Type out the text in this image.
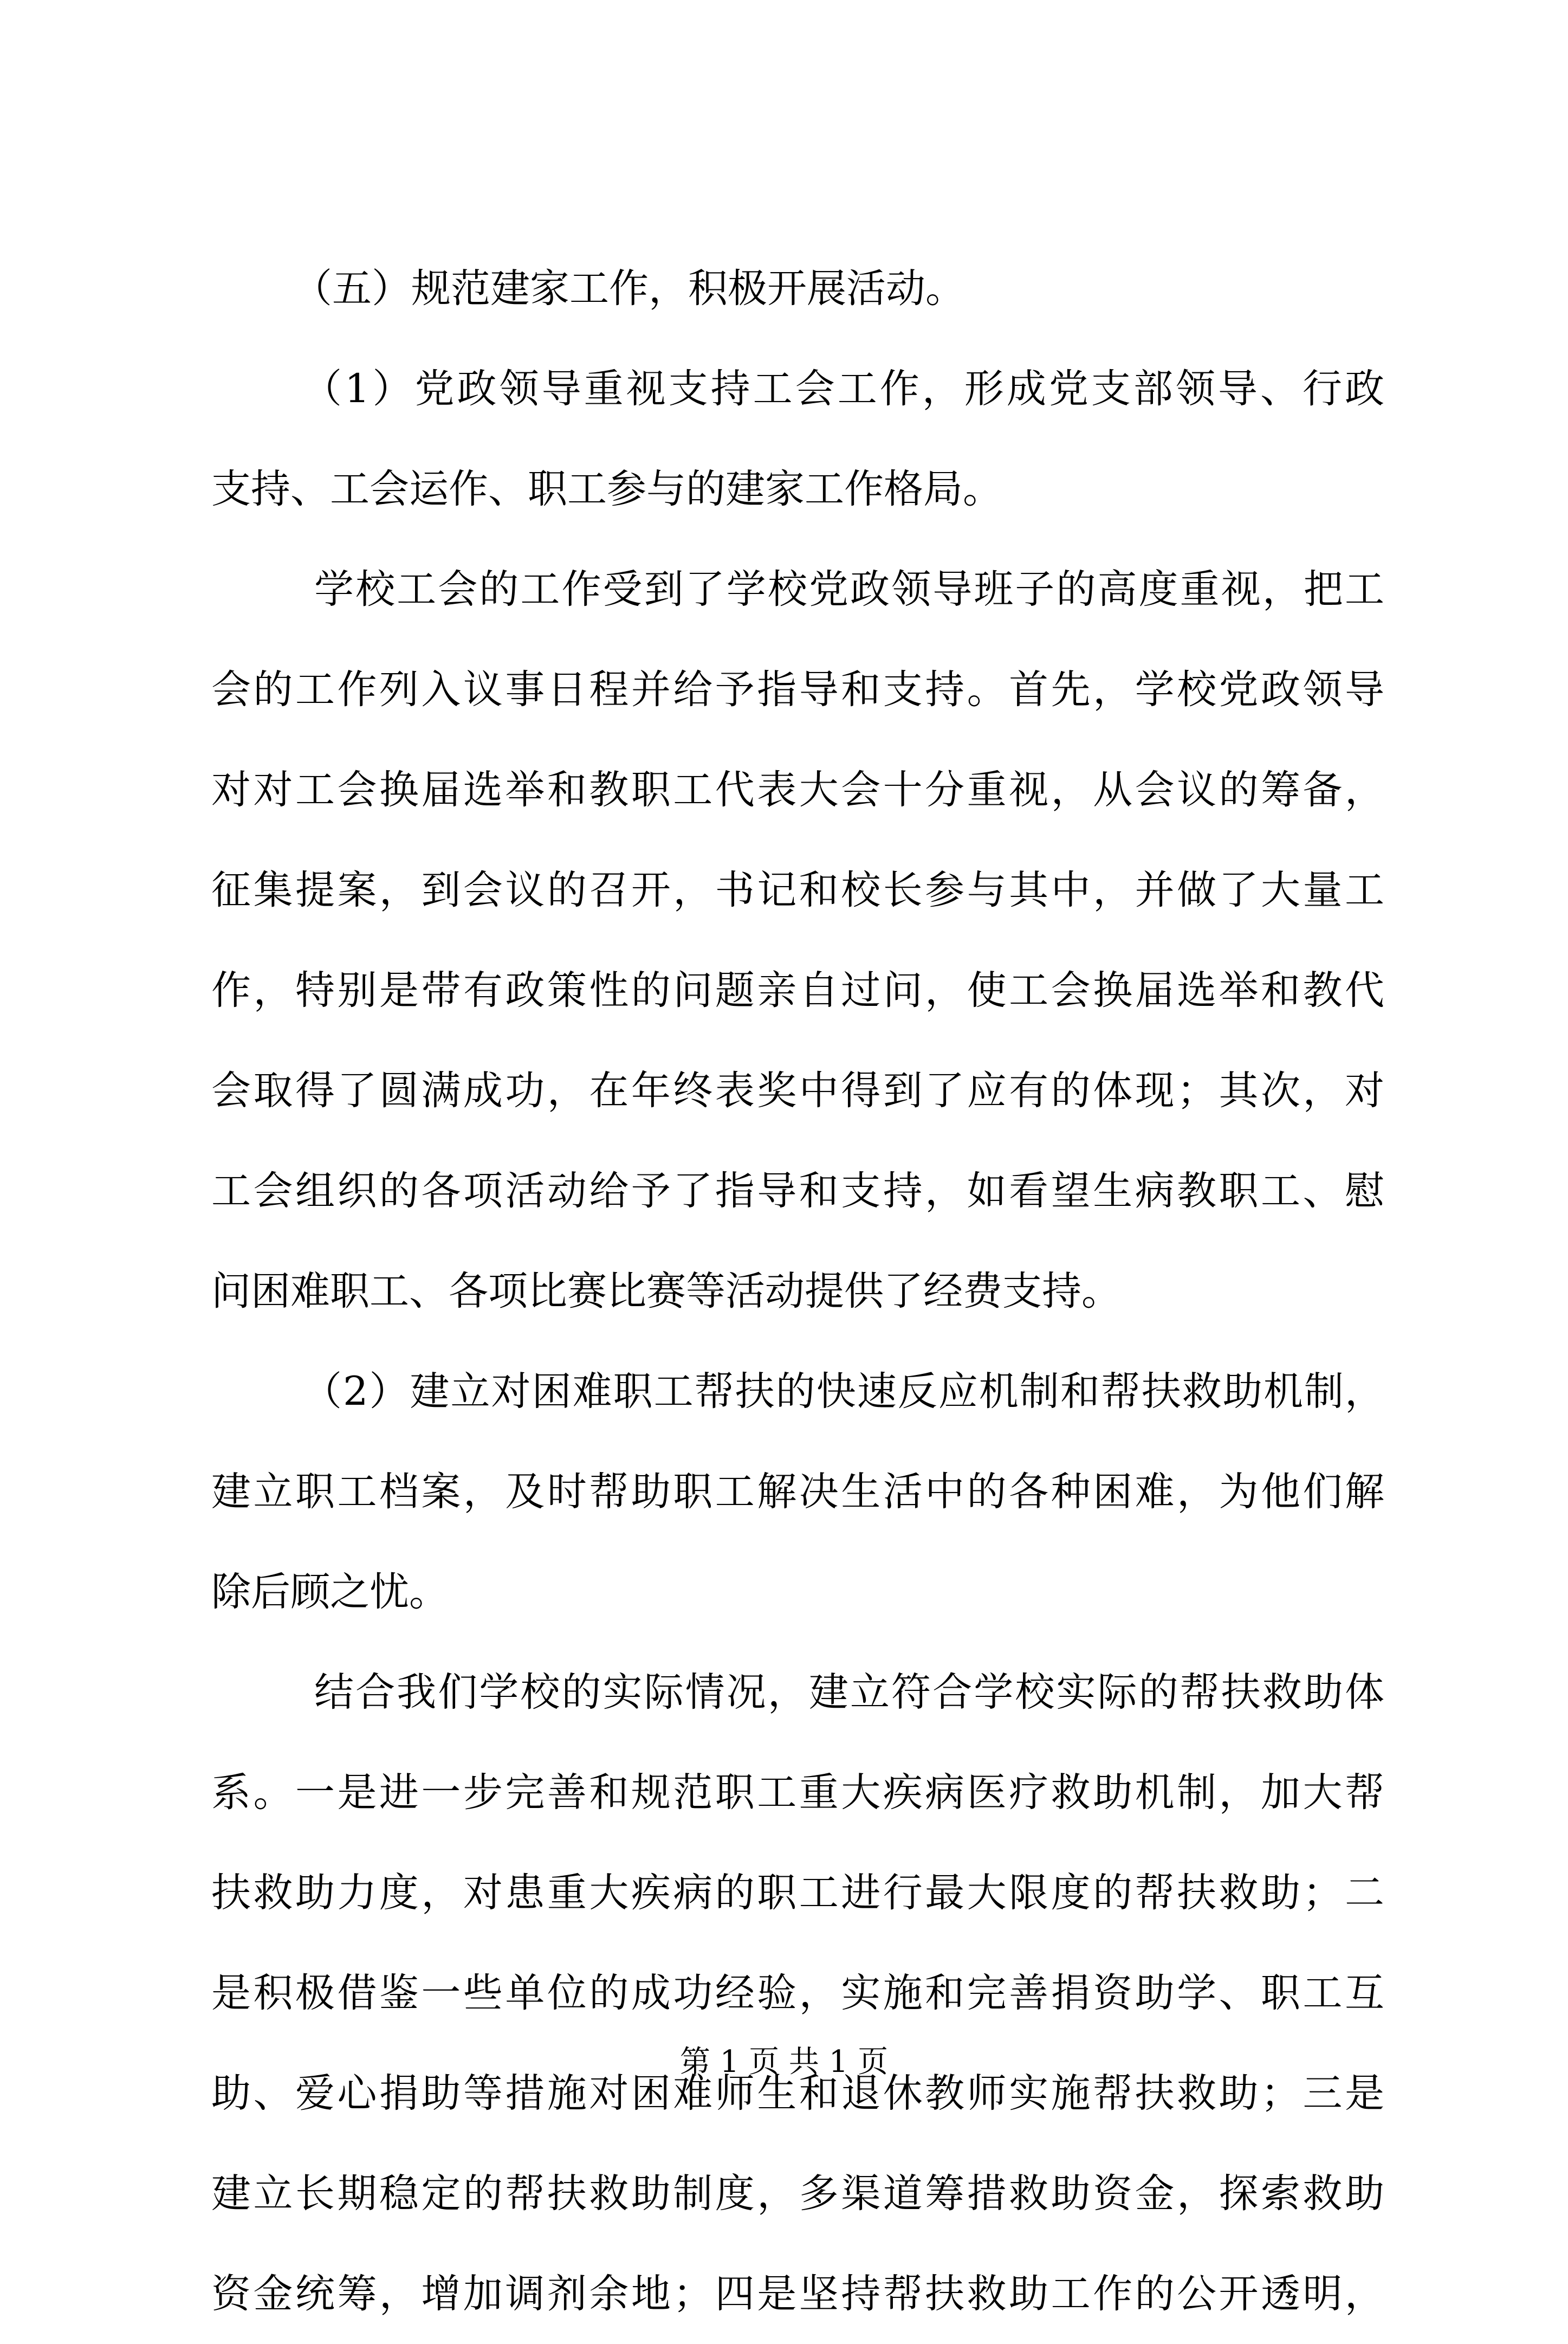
（五）规范建家工作，积极开展活动。
（1）党政领导重视支持工会工作，形成党支部领导、行政
支持、工会运作、职工参与的建家工作格局。
学校工会的工作受到了学校党政领导班子的高度重视，把工
会的工作列入议事日程并给予指导和支持。首先，学校党政领导
对对工会换届选举和教职工代表大会十分重视，从会议的筹备，
征集提案，到会议的召开，书记和校长参与其中，并做了大量工
作，特别是带有政策性的问题亲自过问，使工会换届选举和教代
会取得了圆满成功，在年终表奖中得到了应有的体现；其次，对
工会组织的各项活动给予了指导和支持，如看望生病教职工、慰
问困难职工、各项比赛比赛等活动提供了经费支持。
（2）建立对困难职工帮扶的快速反应机制和帮扶救助机制，
建立职工档案，及时帮助职工解决生活中的各种困难，为他们解
除后顾之忧。
结合我们学校的实际情况，建立符合学校实际的帮扶救助体
系。一是进一步完善和规范职工重大疾病医疗救助机制，加大帮
扶救助力度，对患重大疾病的职工进行最大限度的帮扶救助；二
是积极借鉴一些单位的成功经验，实施和完善捐资助学、职工互
助、爱心捐助等措施对困难师生和退休教师实施帮扶救助；三是
建立长期稳定的帮扶救助制度，多渠道筹措救助资金，探索救助
资金统筹，增加调剂余地；四是坚持帮扶救助工作的公开透明，
第 1 页 共 1 页
